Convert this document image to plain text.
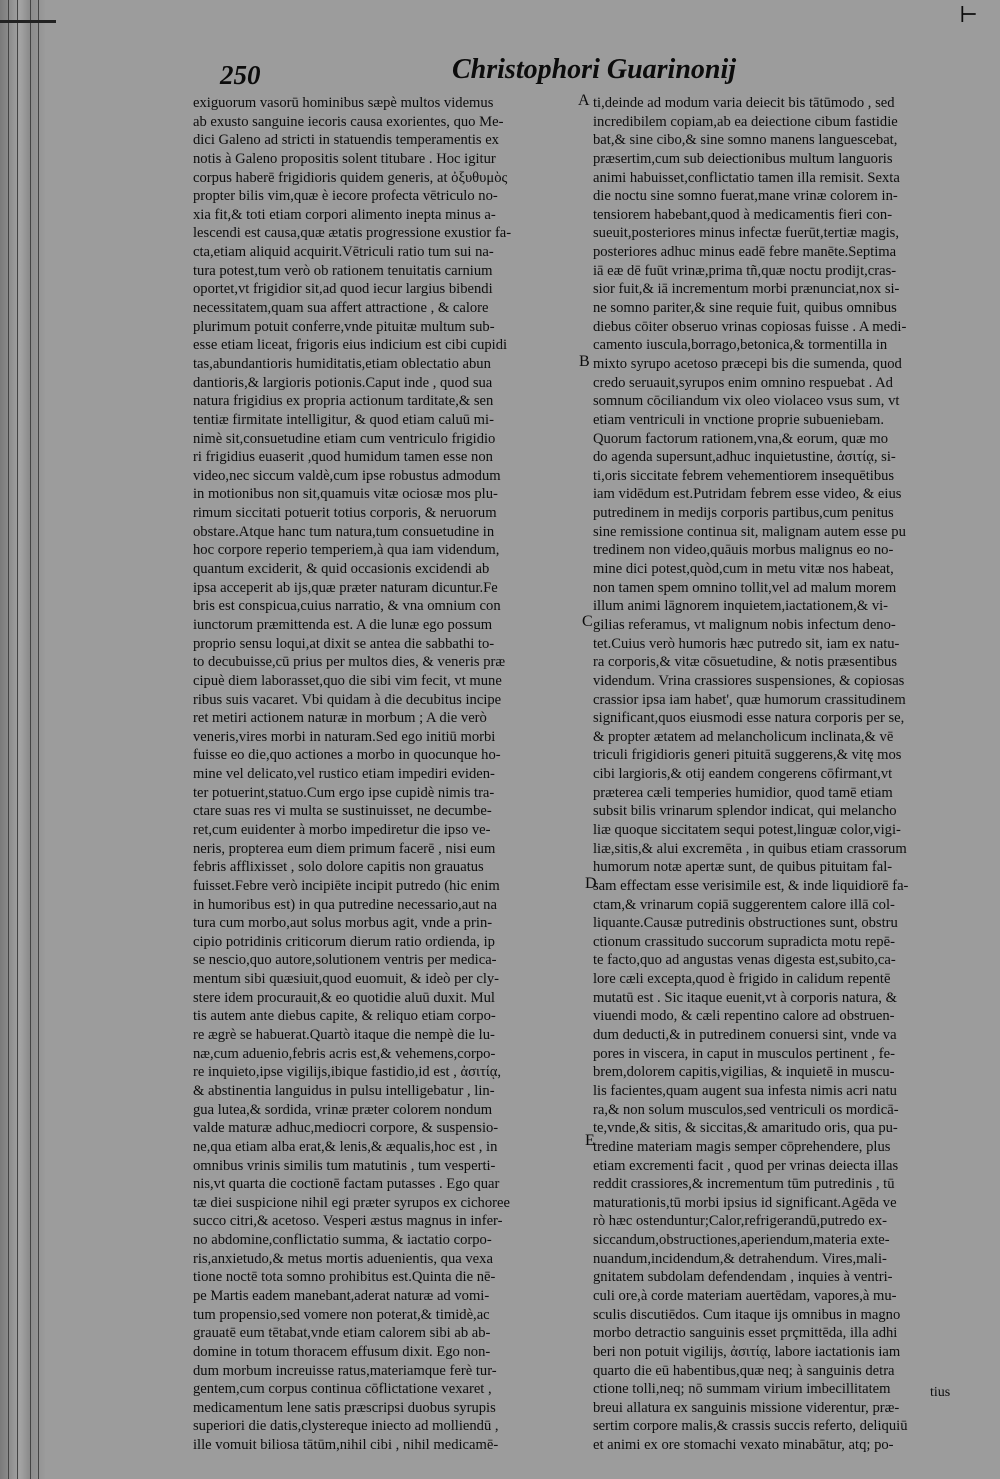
⊢
250	Christophori Guarinonij
exiguorum vasorū hominibus sæpè multos videmus
ab exusto sanguine iecoris causa exorientes, quo Me-
dici Galeno ad stricti in statuendis temperamentis ex
notis à Galeno propositis solent titubare . Hoc igitur
corpus haberē frigidioris quidem generis, at ὀξυθυμὸς
propter bilis vim,quæ è iecore profecta vētriculo no-
xia fit,& toti etiam corpori alimento inepta minus a-
lescendi est causa,quæ ætatis progressione exustior fa-
cta,etiam aliquid acquirit.Vētriculi ratio tum sui na-
tura potest,tum verò ob rationem tenuitatis carnium
oportet,vt frigidior sit,ad quod iecur largius bibendi
necessitatem,quam sua affert attractione , & calore
plurimum potuit conferre,vnde pituitæ multum sub-
esse etiam liceat, frigoris eius indicium est cibi cupidi
tas,abundantioris humiditatis,etiam oblectatio abun
dantioris,& largioris potionis.Caput inde , quod sua
natura frigidius ex propria actionum tarditate,& sen
tentiæ firmitate intelligitur, & quod etiam caluū mi-
nimè sit,consuetudine etiam cum ventriculo frigidio
ri frigidius euaserit ,quod humidum tamen esse non
video,nec siccum valdè,cum ipse robustus admodum
in motionibus non sit,quamuis vitæ ociosæ mos plu-
rimum siccitati potuerit totius corporis, & neruorum
obstare.Atque hanc tum natura,tum consuetudine in
hoc corpore reperio temperiem,à qua iam videndum,
quantum exciderit, & quid occasionis excidendi ab
ipsa acceperit ab ijs,quæ præter naturam dicuntur.Fe
bris est conspicua,cuius narratio, & vna omnium con
iunctorum præmittenda est. A die lunæ ego possum
proprio sensu loqui,at dixit se antea die sabbathi to-
to decubuisse,cū prius per multos dies, & veneris præ
cipuè diem laborasset,quo die sibi vim fecit, vt mune
ribus suis vacaret. Vbi quidam à die decubitus incipe
ret metiri actionem naturæ in morbum ; A die verò
veneris,vires morbi in naturam.Sed ego initiū morbi
fuisse eo die,quo actiones a morbo in quocunque ho-
mine vel delicato,vel rustico etiam impediri eviden-
ter potuerint,statuo.Cum ergo ipse cupidè nimis tra-
ctare suas res vi multa se sustinuisset, ne decumbe-
ret,cum euidenter à morbo impediretur die ipso ve-
neris, propterea eum diem primum facerē , nisi eum
febris afflixisset , solo dolore capitis non grauatus
fuisset.Febre verò incipiēte incipit putredo (hic enim
in humoribus est) in qua putredine necessario,aut na
tura cum morbo,aut solus morbus agit, vnde a prin-
cipio potridinis criticorum dierum ratio ordienda, ip
se nescio,quo autore,solutionem ventris per medica-
mentum sibi quæsiuit,quod euomuit, & ideò per cly-
stere idem procurauit,& eo quotidie aluū duxit. Mul
tis autem ante diebus capite, & reliquo etiam corpo-
re ægrè se habuerat.Quartò itaque die nempè die lu-
næ,cum aduenio,febris acris est,& vehemens,corpo-
re inquieto,ipse vigilijs,ibique fastidio,id est , ἀσιτίᾳ,
& abstinentia languidus in pulsu intelligebatur , lin-
gua lutea,& sordida, vrinæ præter colorem nondum
valde maturæ adhuc,mediocri corpore, & suspensio-
ne,qua etiam alba erat,& lenis,& æqualis,hoc est , in
omnibus vrinis similis tum matutinis , tum vesperti-
nis,vt quarta die coctionē factam putasses . Ego quar
tæ diei suspicione nihil egi præter syrupos ex cichoree
succo citri,& acetoso. Vesperi æstus magnus in infer-
no abdomine,conflictatio summa, & iactatio corpo-
ris,anxietudo,& metus mortis aduenientis, qua vexa
tione noctē tota somno prohibitus est.Quinta die nē-
pe Martis eadem manebant,aderat naturæ ad vomi-
tum propensio,sed vomere non poterat,& timidè,ac
grauatē eum tētabat,vnde etiam calorem sibi ab ab-
domine in totum thoracem effusum dixit. Ego non-
dum morbum increuisse ratus,materiamque ferè tur-
gentem,cum corpus continua cōflictatione vexaret ,
medicamentum lene satis præscripsi duobus syrupis
superiori die datis,clystereque iniecto ad molliendū ,
ille vomuit biliosa tātūm,nihil cibi , nihil medicamē-
ti,deinde ad modum varia deiecit bis tātūmodo , sed
incredibilem copiam,ab ea deiectione cibum fastidie
bat,& sine cibo,& sine somno manens languescebat,
præsertim,cum sub deiectionibus multum languoris
animi habuisset,conflictatio tamen illa remisit. Sexta
die noctu sine somno fuerat,mane vrinæ colorem in-
tensiorem habebant,quod à medicamentis fieri con-
sueuit,posteriores minus infectæ fuerūt,tertiæ magis,
posteriores adhuc minus eadē febre manēte.Septima
iā eæ dē fuūt vrinæ,prima tñ,quæ noctu prodijt,cras-
sior fuit,& iā incrementum morbi prænunciat,nox si-
ne somno pariter,& sine requie fuit, quibus omnibus
diebus cōiter obseruo vrinas copiosas fuisse . A medi-
camento iuscula,borrago,betonica,& tormentilla in
mixto syrupo acetoso præcepi bis die sumenda, quod
credo seruauit,syrupos enim omnino respuebat . Ad
somnum cōciliandum vix oleo violaceo vsus sum, vt
etiam ventriculi in vnctione proprie subueniebam.
Quorum factorum rationem,vna,& eorum, quæ mo
do agenda supersunt,adhuc inquietustine, ἀσιτίᾳ, si-
ti,oris siccitate febrem vehementiorem insequētibus
iam vidēdum est.Putridam febrem esse video, & eius
putredinem in medijs corporis partibus,cum penitus
sine remissione continua sit, malignam autem esse pu
tredinem non video,quāuis morbus malignus eo no-
mine dici potest,quòd,cum in metu vitæ nos habeat,
non tamen spem omnino tollit,vel ad malum morem
illum animi lāgnorem inquietem,iactationem,& vi-
gilias referamus, vt malignum nobis infectum deno-
tet.Cuius verò humoris hæc putredo sit, iam ex natu-
ra corporis,& vitæ cōsuetudine, & notis præsentibus
videndum. Vrina crassiores suspensiones, & copiosas
crassior ipsa iam habet', quæ humorum crassitudinem
significant,quos eiusmodi esse natura corporis per se,
& propter ætatem ad melancholicum inclinata,& vē
triculi frigidioris generi pituitā suggerens,& vitę mos
cibi largioris,& otij eandem congerens cōfirmant,vt
præterea cæli temperies humidior, quod tamē etiam
subsit bilis vrinarum splendor indicat, qui melancho
liæ quoque siccitatem sequi potest,linguæ color,vigi-
liæ,sitis,& alui excremēta , in quibus etiam crassorum
humorum notæ apertæ sunt, de quibus pituitam fal-
sam effectam esse verisimile est, & inde liquidiorē fa-
ctam,& vrinarum copiā suggerentem calore illā col-
liquante.Causæ putredinis obstructiones sunt, obstru
ctionum crassitudo succorum supradicta motu repē-
te facto,quo ad angustas venas digesta est,subito,ca-
lore cæli excepta,quod è frigido in calidum repentē
mutatū est . Sic itaque euenit,vt à corporis natura, &
viuendi modo, & cæli repentino calore ad obstruen-
dum deducti,& in putredinem conuersi sint, vnde va
pores in viscera, in caput in musculos pertinent , fe-
brem,dolorem capitis,vigilias, & inquietē in muscu-
lis facientes,quam augent sua infesta nimis acri natu
ra,& non solum musculos,sed ventriculi os mordicā-
te,vnde,& sitis, & siccitas,& amaritudo oris, qua pu-
tredine materiam magis semper cōprehendere, plus
etiam excrementi facit , quod per vrinas deiecta illas
reddit crassiores,& incrementum tūm putredinis , tū
maturationis,tū morbi ipsius id significant.Agēda ve
rò hæc ostenduntur;Calor,refrigerandū,putredo ex-
siccandum,obstructiones,aperiendum,materia exte-
nuandum,incidendum,& detrahendum. Vires,mali-
gnitatem subdolam defendendam , inquies à ventri-
culi ore,à corde materiam auertēdam, vapores,à mu-
sculis discutiēdos. Cum itaque ijs omnibus in magno
morbo detractio sanguinis esset prçmittēda, illa adhi
beri non potuit vigilijs, ἀσιτίᾳ, labore iactationis iam
quarto die eū habentibus,quæ neq; à sanguinis detra
ctione tolli,neq; nō summam virium imbecillitatem
breui allatura ex sanguinis missione viderentur, præ-
sertim corpore malis,& crassis succis referto, deliquiū
et animi ex ore stomachi vexato minabātur, atq; po-
A
B
C
D
E
tius
